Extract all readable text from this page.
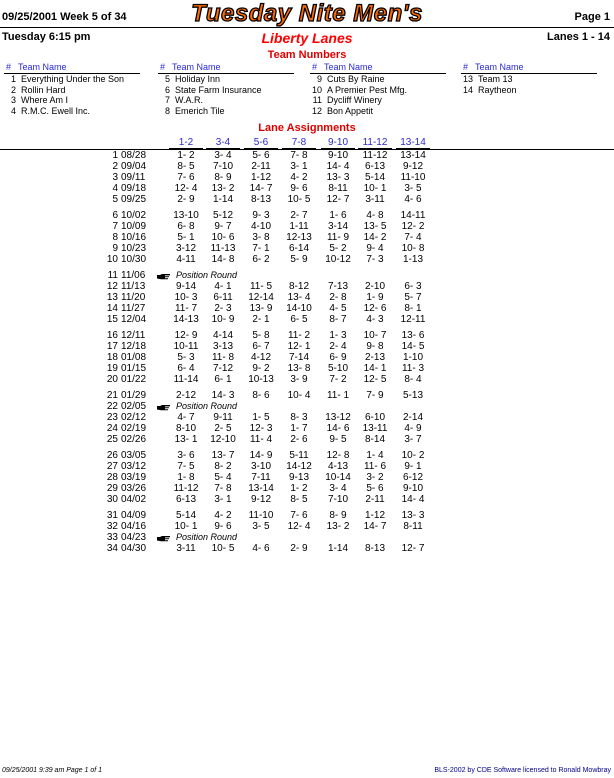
Tuesday Nite Men's
09/25/2001 Week 5 of 34	Page 1
Tuesday 6:15 pm	Liberty Lanes	Lanes 1 - 14
Team Numbers
# Team Name
1 Everything Under the Son
2 Rollin Hard
3 Where Am I
4 R.M.C. Ewell Inc.
# Team Name
5 Holiday Inn
6 State Farm Insurance
7 W.A.R.
8 Emerich Tile
# Team Name
9 Cuts By Raine
10 A Premier Pest Mfg.
11 Dycliff Winery
12 Bon Appetit
# Team Name
13 Team 13
14 Raytheon
Lane Assignments
1-2	3-4	5-6	7-8	9-10	11-12	13-14
1 08/28	1- 2	3- 4	5- 6	7- 8	9-10	11-12	13-14
2 09/04	8- 5	7-10	2-11	3- 1	14- 4	6-13	9-12
3 09/11	7- 6	8- 9	1-12	4- 2	13- 3	5-14	11-10
4 09/18	12- 4	13- 2	14- 7	9- 6	8-11	10- 1	3- 5
5 09/25	2- 9	1-14	8-13	10- 5	12- 7	3-11	4- 6
6 10/02	13-10	5-12	9- 3	2- 7	1- 6	4- 8	14-11
7 10/09	6- 8	9- 7	4-10	1-11	3-14	13- 5	12- 2
8 10/16	5- 1	10- 6	3- 8	12-13	11- 9	14- 2	7- 4
9 10/23	3-12	11-13	7- 1	6-14	5- 2	9- 4	10- 8
10 10/30	4-11	14- 8	6- 2	5- 9	10-12	7- 3	1-13
11 11/06	Position Round
12 11/13	9-14	4- 1	11- 5	8-12	7-13	2-10	6- 3
13 11/20	10- 3	6-11	12-14	13- 4	2- 8	1- 9	5- 7
14 11/27	11- 7	2- 3	13- 9	14-10	4- 5	12- 6	8- 1
15 12/04	14-13	10- 9	2- 1	6- 5	8- 7	4- 3	12-11
16 12/11	12- 9	4-14	5- 8	11- 2	1- 3	10- 7	13- 6
17 12/18	10-11	3-13	6- 7	12- 1	2- 4	9- 8	14- 5
18 01/08	5- 3	11- 8	4-12	7-14	6- 9	2-13	1-10
19 01/15	6- 4	7-12	9- 2	13- 8	5-10	14- 1	11- 3
20 01/22	11-14	6- 1	10-13	3- 9	7- 2	12- 5	8- 4
21 01/29	2-12	14- 3	8- 6	10- 4	11- 1	7- 9	5-13
22 02/05	Position Round
23 02/12	4- 7	9-11	1- 5	8- 3	13-12	6-10	2-14
24 02/19	8-10	2- 5	12- 3	1- 7	14- 6	13-11	4- 9
25 02/26	13- 1	12-10	11- 4	2- 6	9- 5	8-14	3- 7
26 03/05	3- 6	13- 7	14- 9	5-11	12- 8	1- 4	10- 2
27 03/12	7- 5	8- 2	3-10	14-12	4-13	11- 6	9- 1
28 03/19	1- 8	5- 4	7-11	9-13	10-14	3- 2	6-12
29 03/26	11-12	7- 8	13-14	1- 2	3- 4	5- 6	9-10
30 04/02	6-13	3- 1	9-12	8- 5	7-10	2-11	14- 4
31 04/09	5-14	4- 2	11-10	7- 6	8- 9	1-12	13- 3
32 04/16	10- 1	9- 6	3- 5	12- 4	13- 2	14- 7	8-11
33 04/23	Position Round
34 04/30	3-11	10- 5	4- 6	2- 9	1-14	8-13	12- 7
09/25/2001 9:39 am Page 1 of 1	BLS-2002 by CDE Software licensed to Ronald Mowbray
